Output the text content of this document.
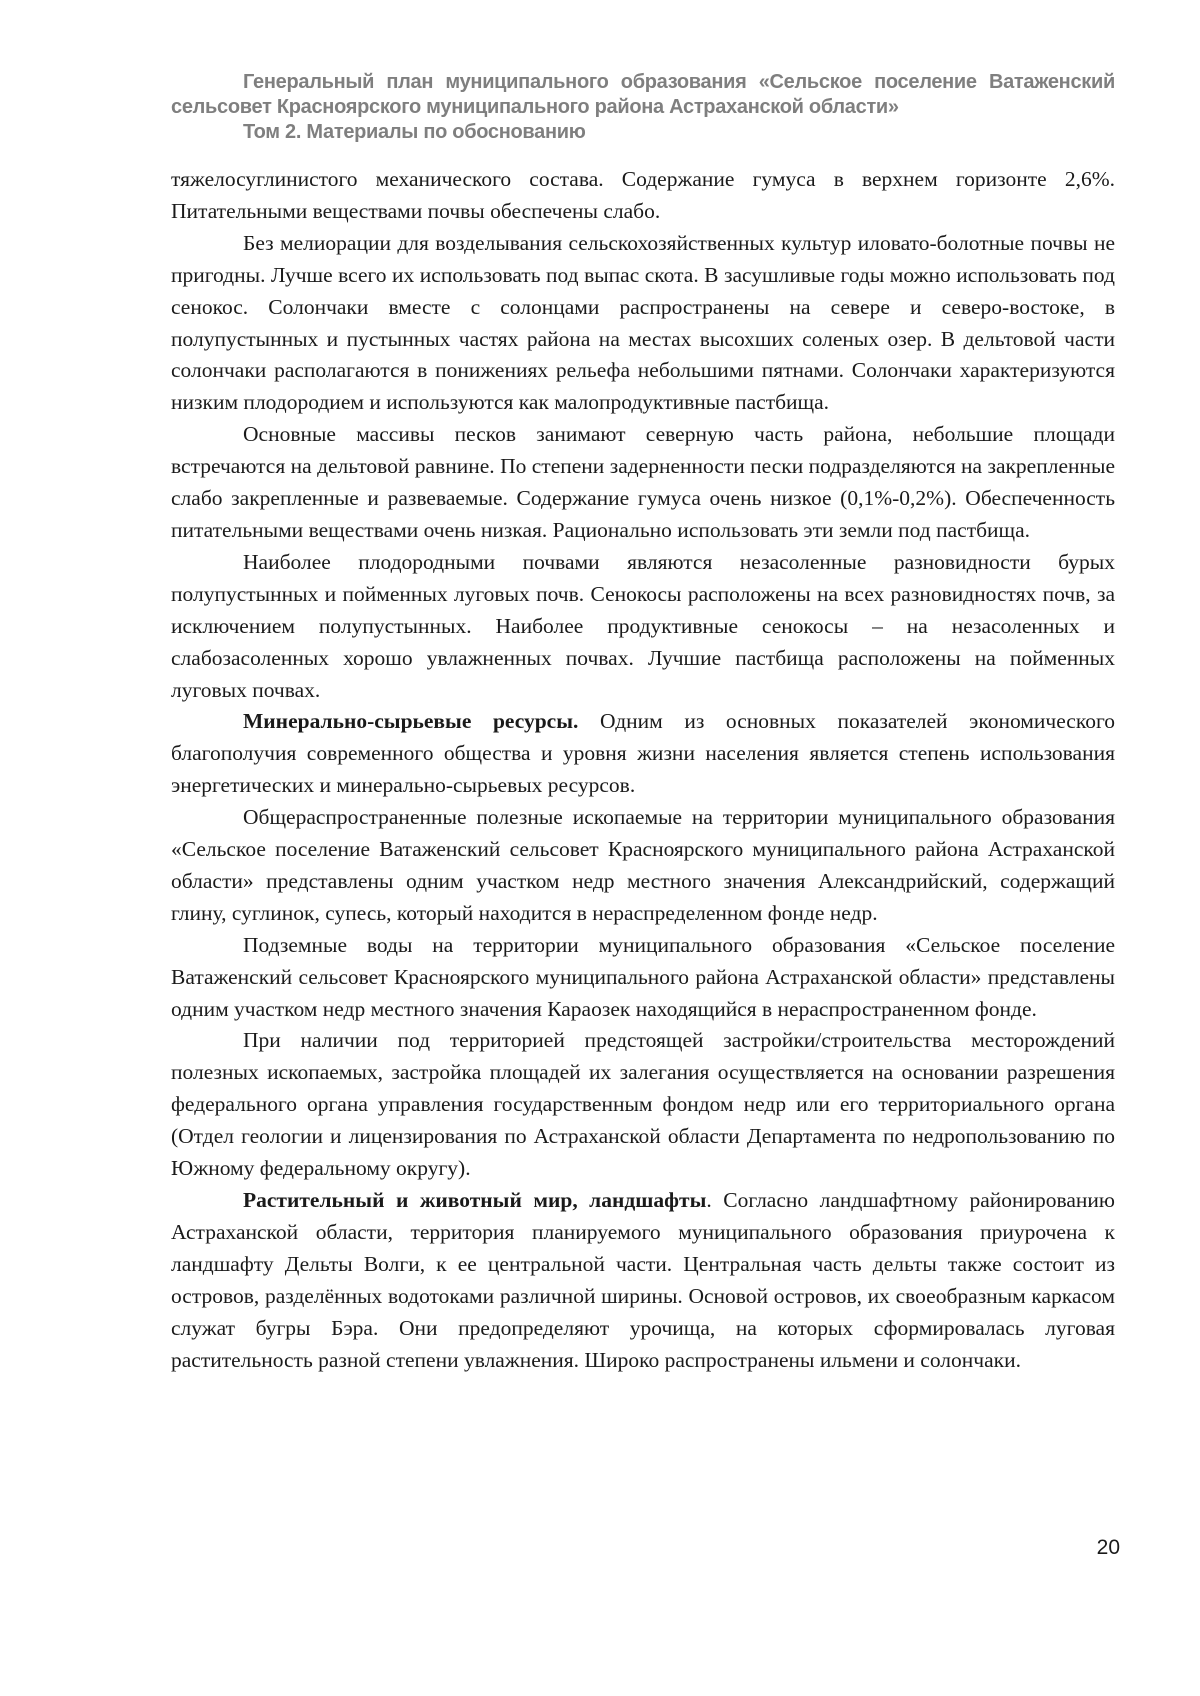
Генеральный план муниципального образования «Сельское поселение Ватаженский
сельсовет Красноярского муниципального района Астраханской области»
Том 2. Материалы по обоснованию

тяжелосуглинистого механического состава. Содержание гумуса в верхнем горизонте 2,6%. Питательными веществами почвы обеспечены слабо.

Без мелиорации для возделывания сельскохозяйственных культур иловато-болотные почвы не пригодны. Лучше всего их использовать под выпас скота. В засушливые годы можно использовать под сенокос. Солончаки вместе с солонцами распространены на севере и северо-востоке, в полупустынных и пустынных частях района на местах высохших соленых озер. В дельтовой части солончаки располагаются в понижениях рельефа небольшими пятнами. Солончаки характеризуются низким плодородием и используются как малопродуктивные пастбища.

Основные массивы песков занимают северную часть района, небольшие площади встречаются на дельтовой равнине. По степени задерненности пески подразделяются на закрепленные слабо закрепленные и развеваемые. Содержание гумуса очень низкое (0,1%-0,2%). Обеспеченность питательными веществами очень низкая. Рационально использовать эти земли под пастбища.

Наиболее плодородными почвами являются незасоленные разновидности бурых полупустынных и пойменных луговых почв. Сенокосы расположены на всех разновидностях почв, за исключением полупустынных. Наиболее продуктивные сенокосы – на незасоленных и слабозасоленных хорошо увлажненных почвах. Лучшие пастбища расположены на пойменных луговых почвах.

Минерально-сырьевые ресурсы. Одним из основных показателей экономического благополучия современного общества и уровня жизни населения является степень использования энергетических и минерально-сырьевых ресурсов.

Общераспространенные полезные ископаемые на территории муниципального образования «Сельское поселение Ватаженский сельсовет Красноярского муниципального района Астраханской области» представлены одним участком недр местного значения Александрийский, содержащий глину, суглинок, супесь, который находится в нераспределенном фонде недр.

Подземные воды на территории муниципального образования «Сельское поселение Ватаженский сельсовет Красноярского муниципального района Астраханской области» представлены одним участком недр местного значения Караозек находящийся в нераспространенном фонде.

При наличии под территорией предстоящей застройки/строительства месторождений полезных ископаемых, застройка площадей их залегания осуществляется на основании разрешения федерального органа управления государственным фондом недр или его территориального органа (Отдел геологии и лицензирования по Астраханской области Департамента по недропользованию по Южному федеральному округу).

Растительный и животный мир, ландшафты. Согласно ландшафтному районированию Астраханской области, территория планируемого муниципального образования приурочена к ландшафту Дельты Волги, к ее центральной части. Центральная часть дельты также состоит из островов, разделённых водотоками различной ширины. Основой островов, их своеобразным каркасом служат бугры Бэра. Они предопределяют урочища, на которых сформировалась луговая растительность разной степени увлажнения. Широко распространены ильмени и солончаки.

20
